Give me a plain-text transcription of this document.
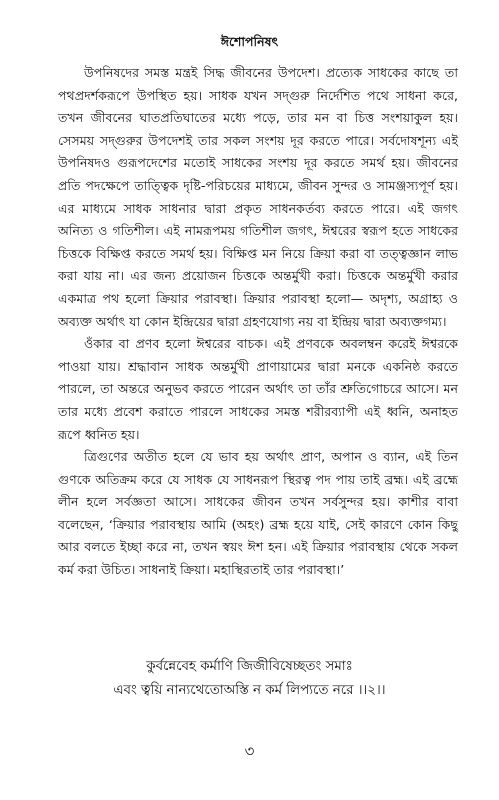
ঈশোপনিষৎ

উপনিষদের সমস্ত মন্ত্রই সিদ্ধ জীবনের উপদেশ। প্রত্যেক সাধকের কাছে তা পথপ্রদর্শকরূপে উপস্থিত হয়। সাধক যখন সদ্গুরু নির্দেশিত পথে সাধনা করে, তখন জীবনের ঘাতপ্রতিঘাতের মধ্যে পড়ে, তার মন বা চিত্ত সংশয়াকুল হয়। সেসময় সদ্গুরুর উপদেশই তার সকল সংশয় দূর করতে পারে। সর্বদোষশূন্য এই উপনিষদও গুরূপদেশের মতোই সাধকের সংশয় দূর করতে সমর্থ হয়। জীবনের প্রতি পদক্ষেপে তাত্ত্বিক দৃষ্টি-পরিচয়ের মাধ্যমে, জীবন সুন্দর ও সামঞ্জস্যপূর্ণ হয়। এর মাধ্যমে সাধক সাধনার দ্বারা প্রকৃত সাধনকর্তব্য করতে পারে। এই জগৎ অনিত্য ও গতিশীল। এই নামরূপময় গতিশীল জগৎ, ঈশ্বরের স্বরূপ হতে সাধকের চিত্তকে বিক্ষিপ্ত করতে সমর্থ হয়। বিক্ষিপ্ত মন নিয়ে ক্রিয়া করা বা তত্ত্বজ্ঞান লাভ করা যায় না। এর জন্য প্রয়োজন চিত্তকে অন্তর্মুখী করা। চিত্তকে অন্তর্মুখী করার একমাত্র পথ হলো ক্রিয়ার পরাবস্থা। ক্রিয়ার পরাবস্থা হলো— অদৃশ্য, অগ্রাহ্য ও অব্যক্ত অর্থাৎ যা কোন ইন্দ্রিয়ের দ্বারা গ্রহণযোগ্য নয় বা ইন্দ্রিয় দ্বারা অব্যক্তগম্য।

ওঁকার বা প্রণব হলো ঈশ্বরের বাচক। এই প্রণবকে অবলম্বন করেই ঈশ্বরকে পাওয়া যায়। শ্রদ্ধাবান সাধক অন্তর্মুখী প্রাণায়ামের দ্বারা মনকে একনিষ্ঠ করতে পারলে, তা অন্তরে অনুভব করতে পারেন অর্থাৎ তা তাঁর শ্রুতিগোচরে আসে। মন তার মধ্যে প্রবেশ করাতে পারলে সাধকের সমস্ত শরীরব্যাপী এই ধ্বনি, অনাহত রূপে ধ্বনিত হয়।

ত্রিগুণের অতীত হলে যে ভাব হয় অর্থাৎ প্রাণ, অপান ও ব্যান, এই তিন গুণকে অতিক্রম করে যে সাধক যে সাধনরূপ স্থিরত্ব পদ পায় তাই ব্রহ্ম। এই ব্রহ্মে লীন হলে সর্বজ্ঞতা আসে। সাধকের জীবন তখন সর্বসুন্দর হয়। কাশীর বাবা বলেছেন, ‘ক্রিয়ার পরাবস্থায় আমি (অহং) ব্রহ্ম হয়ে যাই, সেই কারণে কোন কিছু আর বলতে ইচ্ছা করে না, তখন স্বয়ং ঈশ হন। এই ক্রিয়ার পরাবস্থায় থেকে সকল কর্ম করা উচিত। সাধনাই ক্রিয়া। মহাস্থিরতাই তার পরাবস্থা।’

কুর্বন্নেবেহ কর্মাণি জিজীবিষেচ্ছতং সমাঃ
এবং ত্বয়ি নান্যথেতোঅস্তি ন কর্ম লিপ্যতে নরে ।।২।।
৩
